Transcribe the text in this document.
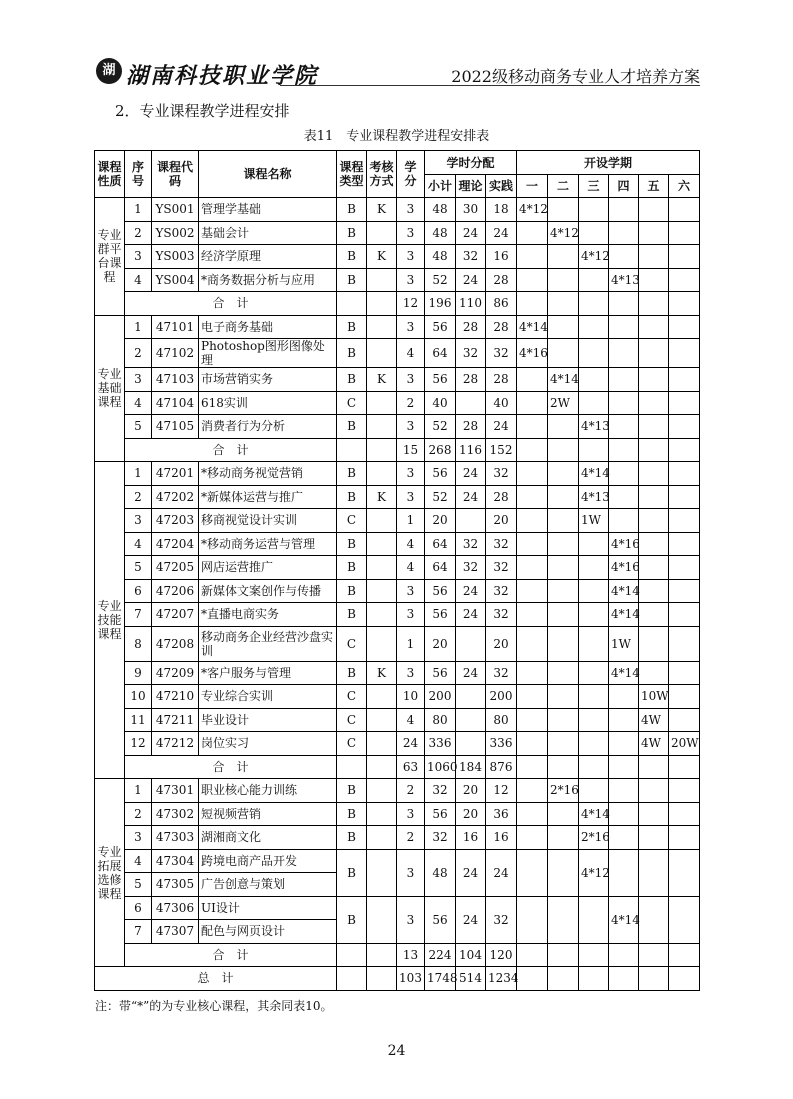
湖 湖南科技职业学院	2022级移动商务专业人才培养方案
2．专业课程教学进程安排
表11　专业课程教学进程安排表
课程性质	序号	课程代码	课程名称	课程类型	考核方式	学分	学时分配			开设学期					
							小计	理论	实践	一	二	三	四	五	六
专业群平台课程	1	YS001	管理学基础	B	K	3	48	30	18	4*12					
	2	YS002	基础会计	B		3	48	24	24		4*12				
	3	YS003	经济学原理	B	K	3	48	32	16			4*12			
	4	YS004	*商务数据分析与应用	B		3	52	24	28				4*13		
	合　计					12	196	110	86						
专业基础课程	1	47101	电子商务基础	B		3	56	28	28	4*14					
	2	47102	Photoshop图形图像处理	B		4	64	32	32	4*16					
	3	47103	市场营销实务	B	K	3	56	28	28		4*14				
	4	47104	618实训	C		2	40		40		2W				
	5	47105	消费者行为分析	B		3	52	28	24			4*13			
	合　计					15	268	116	152						
专业技能课程	1	47201	*移动商务视觉营销	B		3	56	24	32			4*14			
	2	47202	*新媒体运营与推广	B	K	3	52	24	28			4*13			
	3	47203	移商视觉设计实训	C		1	20		20			1W			
	4	47204	*移动商务运营与管理	B		4	64	32	32				4*16		
	5	47205	网店运营推广	B		4	64	32	32				4*16		
	6	47206	新媒体文案创作与传播	B		3	56	24	32				4*14		
	7	47207	*直播电商实务	B		3	56	24	32				4*14		
	8	47208	移动商务企业经营沙盘实训	C		1	20		20				1W		
	9	47209	*客户服务与管理	B	K	3	56	24	32				4*14		
	10	47210	专业综合实训	C		10	200		200					10W	
	11	47211	毕业设计	C		4	80		80					4W	
	12	47212	岗位实习	C		24	336		336					4W	20W
	合　计					63	1060	184	876						
专业拓展选修课程	1	47301	职业核心能力训练	B		2	32	20	12		2*16				
	2	47302	短视频营销	B		3	56	20	36			4*14			
	3	47303	湖湘商文化	B		2	32	16	16			2*16			
	4	47304	跨境电商产品开发	B		3	48	24	24			4*12			
	5	47305	广告创意与策划												
	6	47306	UI设计	B		3	56	24	32				4*14		
	7	47307	配色与网页设计												
	合　计					13	224	104	120						
总　计						103	1748	514	1234						
注：带“*”的为专业核心课程，其余同表10。
24
